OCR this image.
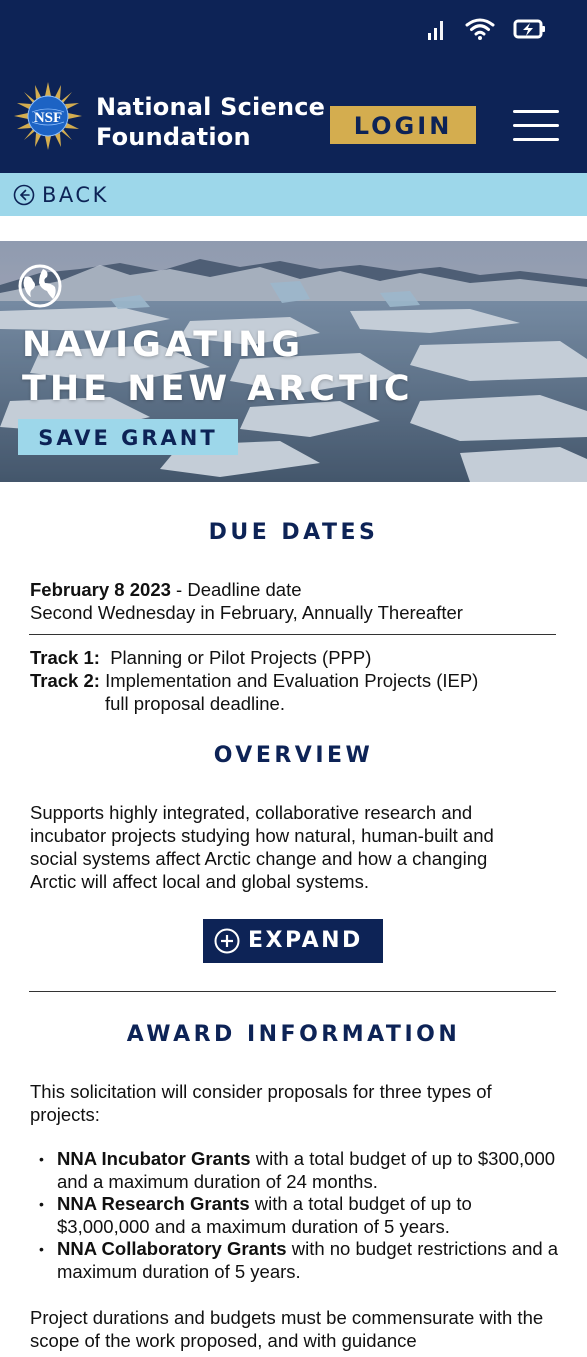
NSF National Science
Foundation	LOGIN
BACK
NAVIGATING
THE NEW ARCTIC
SAVE GRANT
DUE DATES
February 8 2023 - Deadline date
Second Wednesday in February, Annually Thereafter
Track 1:  Planning or Pilot Projects (PPP)
Track 2: Implementation and Evaluation Projects (IEP)
full proposal deadline.
OVERVIEW
Supports highly integrated, collaborative research and incubator projects studying how natural, human-built and social systems affect Arctic change and how a changing Arctic will affect local and global systems.
EXPAND
AWARD INFORMATION
This solicitation will consider proposals for three types of projects:
• NNA Incubator Grants with a total budget of up to $300,000 and a maximum duration of 24 months.
• NNA Research Grants with a total budget of up to $3,000,000 and a maximum duration of 5 years.
• NNA Collaboratory Grants with no budget restrictions and a maximum duration of 5 years.
Project durations and budgets must be commensurate with the scope of the work proposed, and with guidance
